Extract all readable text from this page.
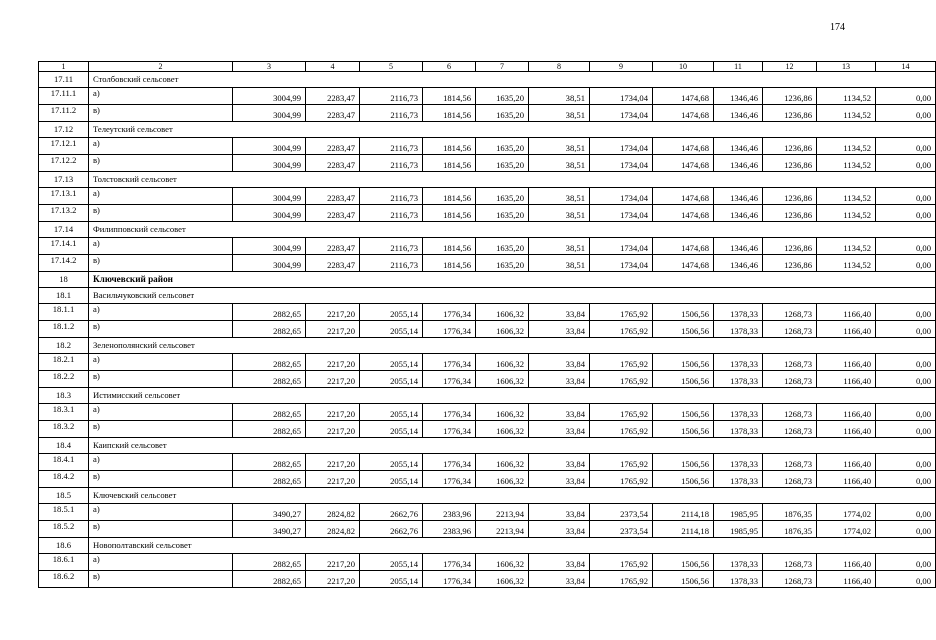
174
1	2	3	4	5	6	7	8	9	10	11	12	13	14
17.11	Столбовский сельсовет												
17.11.1	а)	3004,99	2283,47	2116,73	1814,56	1635,20	38,51	1734,04	1474,68	1346,46	1236,86	1134,52	0,00
17.11.2	в)	3004,99	2283,47	2116,73	1814,56	1635,20	38,51	1734,04	1474,68	1346,46	1236,86	1134,52	0,00
17.12	Телеутский сельсовет												
17.12.1	а)	3004,99	2283,47	2116,73	1814,56	1635,20	38,51	1734,04	1474,68	1346,46	1236,86	1134,52	0,00
17.12.2	в)	3004,99	2283,47	2116,73	1814,56	1635,20	38,51	1734,04	1474,68	1346,46	1236,86	1134,52	0,00
17.13	Толстовский сельсовет												
17.13.1	а)	3004,99	2283,47	2116,73	1814,56	1635,20	38,51	1734,04	1474,68	1346,46	1236,86	1134,52	0,00
17.13.2	в)	3004,99	2283,47	2116,73	1814,56	1635,20	38,51	1734,04	1474,68	1346,46	1236,86	1134,52	0,00
17.14	Филипповский сельсовет												
17.14.1	а)	3004,99	2283,47	2116,73	1814,56	1635,20	38,51	1734,04	1474,68	1346,46	1236,86	1134,52	0,00
17.14.2	в)	3004,99	2283,47	2116,73	1814,56	1635,20	38,51	1734,04	1474,68	1346,46	1236,86	1134,52	0,00
18	Ключевский район												
18.1	Васильчуковский сельсовет												
18.1.1	а)	2882,65	2217,20	2055,14	1776,34	1606,32	33,84	1765,92	1506,56	1378,33	1268,73	1166,40	0,00
18.1.2	в)	2882,65	2217,20	2055,14	1776,34	1606,32	33,84	1765,92	1506,56	1378,33	1268,73	1166,40	0,00
18.2	Зеленополянский сельсовет												
18.2.1	а)	2882,65	2217,20	2055,14	1776,34	1606,32	33,84	1765,92	1506,56	1378,33	1268,73	1166,40	0,00
18.2.2	в)	2882,65	2217,20	2055,14	1776,34	1606,32	33,84	1765,92	1506,56	1378,33	1268,73	1166,40	0,00
18.3	Истимисский сельсовет												
18.3.1	а)	2882,65	2217,20	2055,14	1776,34	1606,32	33,84	1765,92	1506,56	1378,33	1268,73	1166,40	0,00
18.3.2	в)	2882,65	2217,20	2055,14	1776,34	1606,32	33,84	1765,92	1506,56	1378,33	1268,73	1166,40	0,00
18.4	Каипский сельсовет												
18.4.1	а)	2882,65	2217,20	2055,14	1776,34	1606,32	33,84	1765,92	1506,56	1378,33	1268,73	1166,40	0,00
18.4.2	в)	2882,65	2217,20	2055,14	1776,34	1606,32	33,84	1765,92	1506,56	1378,33	1268,73	1166,40	0,00
18.5	Ключевский сельсовет												
18.5.1	а)	3490,27	2824,82	2662,76	2383,96	2213,94	33,84	2373,54	2114,18	1985,95	1876,35	1774,02	0,00
18.5.2	в)	3490,27	2824,82	2662,76	2383,96	2213,94	33,84	2373,54	2114,18	1985,95	1876,35	1774,02	0,00
18.6	Новополтавский сельсовет												
18.6.1	а)	2882,65	2217,20	2055,14	1776,34	1606,32	33,84	1765,92	1506,56	1378,33	1268,73	1166,40	0,00
18.6.2	в)	2882,65	2217,20	2055,14	1776,34	1606,32	33,84	1765,92	1506,56	1378,33	1268,73	1166,40	0,00
